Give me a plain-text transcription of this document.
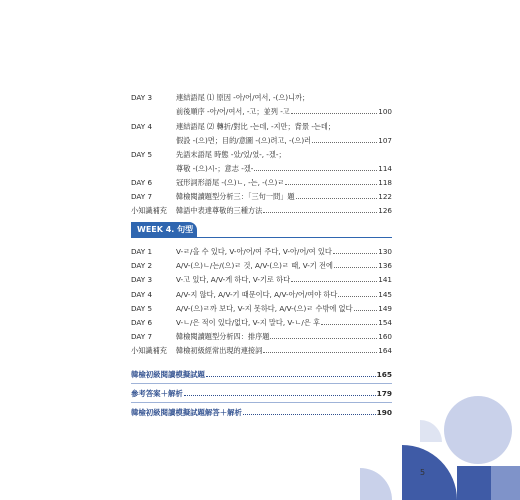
DAY 3	連結語尾 ⑴ 原因 -아/어/여서, -(으)니까；
前後順序 -아/어/여서, -고；並列 -고	100
DAY 4	連結語尾 ⑵ 轉折/對比 -는데, -지만；背景 -는데；
假設 -(으)면；目的/意圖 -(으)려고, -(으)러	107
DAY 5	先語末語尾 時態 -았/었/였-, -겠-；
尊敬 -(으)시-；意志 -겠-	114
DAY 6	冠形詞形語尾 -(으)ㄴ, -는, -(으)ㄹ	118
DAY 7	韓檢閱讀題型分析三：「三句一問」題	122
小知識補充 韓語中表達尊敬的三種方法	126
WEEK 4. 句型
DAY 1	V-ㄹ/을 수 있다, V-아/어/여 주다, V-아/어/여 있다	130
DAY 2	A/V-(으)ㄴ/는/(으)ㄹ 것, A/V-(으)ㄹ 때, V-기 전에	136
DAY 3	V-고 있다, A/V-게 하다, V-기로 하다	141
DAY 4	A/V-지 않다, A/V-기 때문이다, A/V-아/어/여야 하다	145
DAY 5	A/V-(으)ㄹ까 보다, V-지 못하다, A/V-(으)ㄹ 수밖에 없다	149
DAY 6	V-ㄴ/은 적이 있다/없다, V-지 말다, V-ㄴ/은 후	154
DAY 7	韓檢閱讀題型分析四：排序題	160
小知識補充 韓檢初級經常出現的連接詞	164
韓檢初級閱讀模擬試題	165
參考答案＋解析	179
韓檢初級閱讀模擬試題解答＋解析	190
5
